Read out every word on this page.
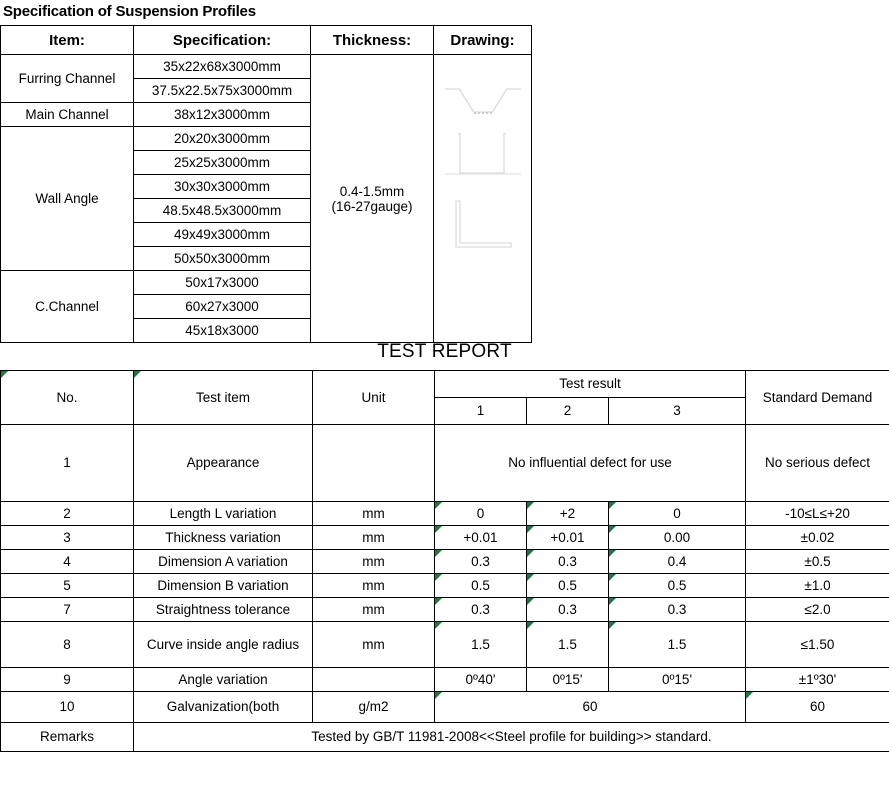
Specification of Suspension Profiles
Item:	Specification:	Thickness:	Drawing:
Furring Channel	35x22x68x3000mm	0.4-1.5mm
(16-27gauge)

	37.5x22.5x75x3000mm		
Main Channel	38x12x3000mm		
Wall Angle	20x20x3000mm		
	25x25x3000mm		
	30x30x3000mm		
	48.5x48.5x3000mm		
	49x49x3000mm		
	50x50x3000mm		
C.Channel	50x17x3000		
	60x27x3000		
	45x18x3000		
TEST REPORT
No.	Test item	Unit	Test result			Standard Demand
			1	2	3	
1	Appearance		No influential defect for use			No serious defect
2	Length L variation	mm	0	+2	0	-10≤L≤+20
3	Thickness variation	mm	+0.01	+0.01	0.00	±0.02
4	Dimension A variation	mm	0.3	0.3	0.4	±0.5
5	Dimension B variation	mm	0.5	0.5	0.5	±1.0
7	Straightness tolerance	mm	0.3	0.3	0.3	≤2.0
8	Curve inside angle radius	mm	1.5	1.5	1.5	≤1.50
9	Angle variation		0º40'	0º15'	0º15'	±1º30'
10	Galvanization(both	g/m2	60			60
Remarks	Tested by GB/T 11981-2008<<Steel profile for building>> standard.					
